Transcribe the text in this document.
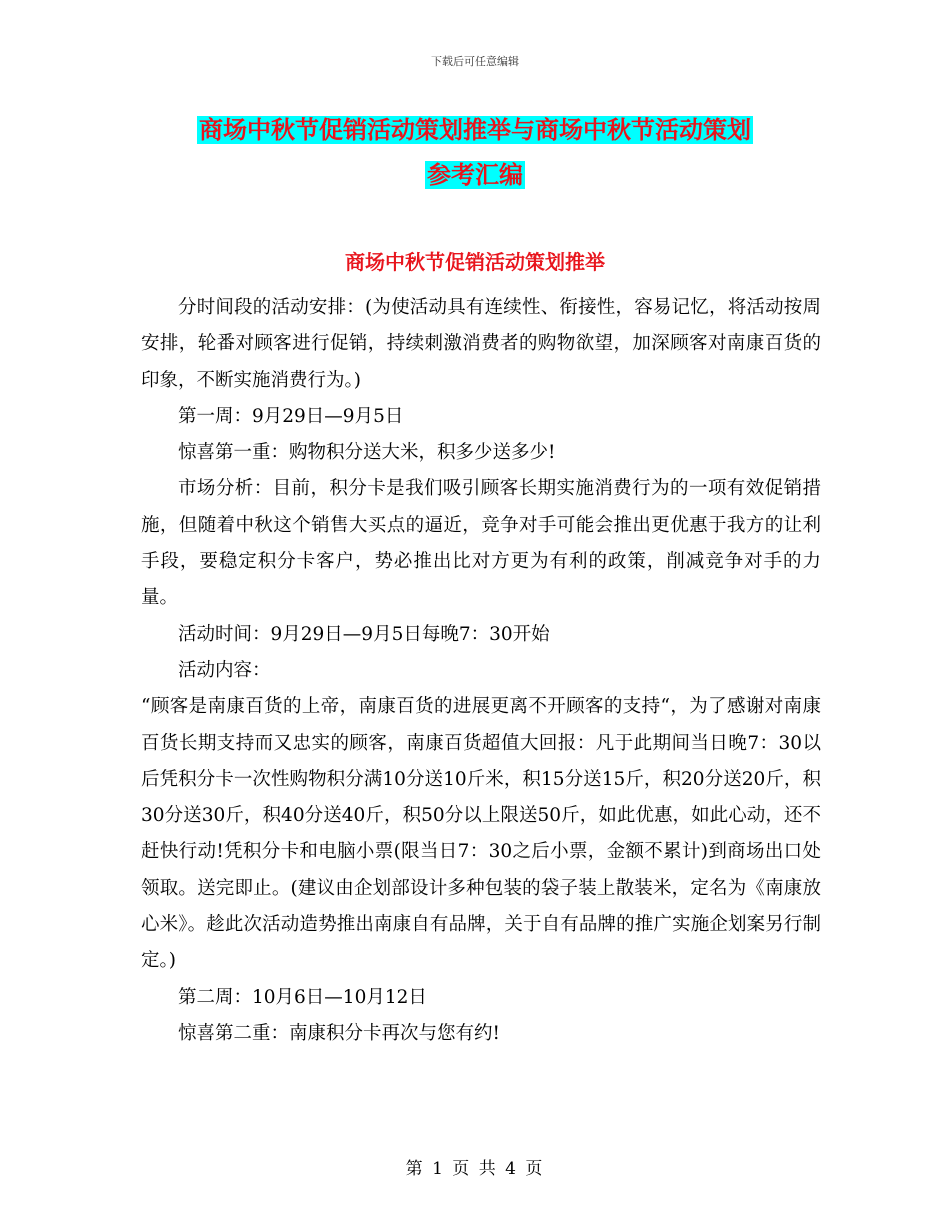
下载后可任意编辑
商场中秋节促销活动策划推举与商场中秋节活动策划
参考汇编
商场中秋节促销活动策划推举

分时间段的活动安排：(为使活动具有连续性、衔接性，容易记忆，将活动按周安排，轮番对顾客进行促销，持续刺激消费者的购物欲望，加深顾客对南康百货的印象，不断实施消费行为。)

第一周：9月29日—9月5日

惊喜第一重：购物积分送大米，积多少送多少!

市场分析：目前，积分卡是我们吸引顾客长期实施消费行为的一项有效促销措施，但随着中秋这个销售大买点的逼近，竞争对手可能会推出更优惠于我方的让利手段，要稳定积分卡客户，势必推出比对方更为有利的政策，削减竞争对手的力量。

活动时间：9月29日—9月5日每晚7：30开始

活动内容：

“顾客是南康百货的上帝，南康百货的进展更离不开顾客的支持“，为了感谢对南康百货长期支持而又忠实的顾客，南康百货超值大回报：凡于此期间当日晚7：30以后凭积分卡一次性购物积分满10分送10斤米，积15分送15斤，积20分送20斤，积30分送30斤，积40分送40斤，积50分以上限送50斤，如此优惠，如此心动，还不赶快行动!凭积分卡和电脑小票(限当日7：30之后小票，金额不累计)到商场出口处领取。送完即止。(建议由企划部设计多种包装的袋子装上散装米，定名为《南康放心米》。趁此次活动造势推出南康自有品牌，关于自有品牌的推广实施企划案另行制定。)

第二周：10月6日—10月12日

惊喜第二重：南康积分卡再次与您有约!

第 1 页 共 4 页
